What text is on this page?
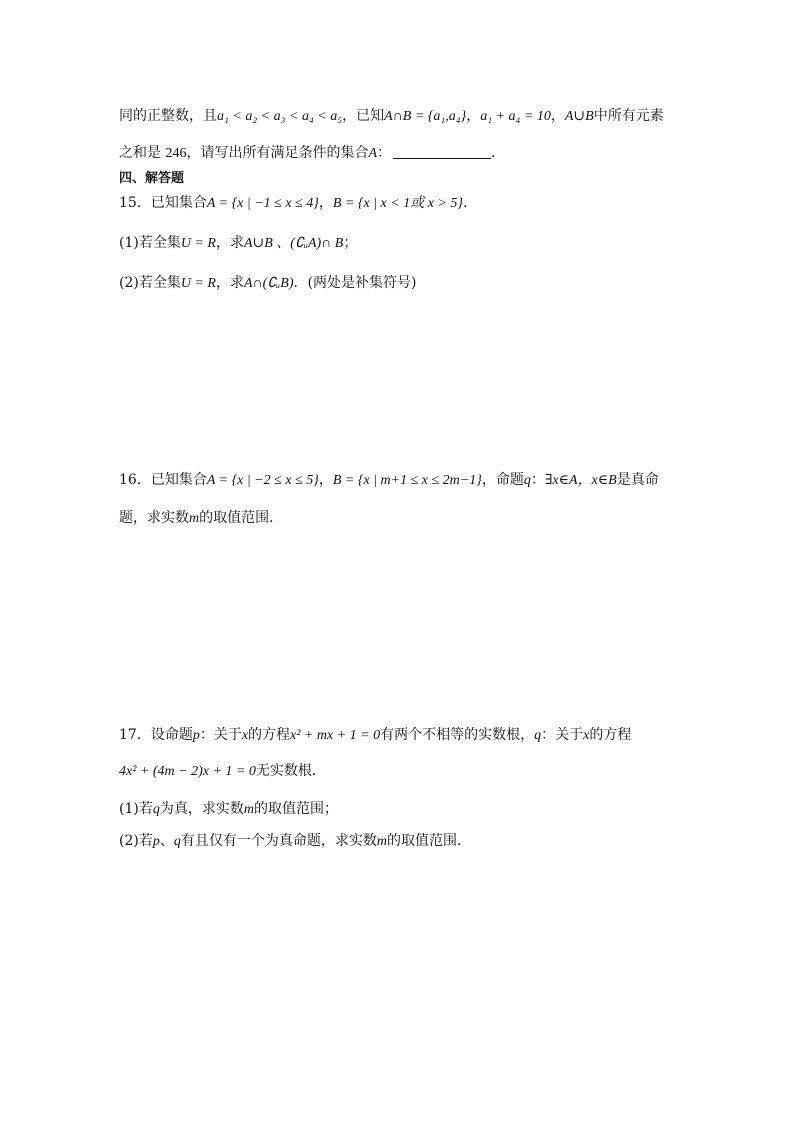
同的正整数，且a₁ < a₂ < a₃ < a₄ < a₅，已知A∩B = {a₁,a₄}，a₁ + a₄ = 10，A∪B中所有元素
之和是 246，请写出所有满足条件的集合A：	.
四、解答题
15．已知集合A = {x | −1 ≤ x ≤ 4}，B = {x | x < 1或 x > 5}.
(1)若全集U = R，求A∪B 、(∁ᵤA)∩ B；
(2)若全集U = R，求A∩(∁ᵤB)．(两处是补集符号)
16．已知集合A = {x | −2 ≤ x ≤ 5}，B = {x | m+1 ≤ x ≤ 2m−1}，命题q：∃x∈A，x∈B是真命
题，求实数m的取值范围．
17．设命题p：关于x的方程x² + mx + 1 = 0有两个不相等的实数根，q：关于x的方程
4x² + (4m − 2)x + 1 = 0无实数根．
(1)若q为真，求实数m的取值范围；
(2)若p、q有且仅有一个为真命题，求实数m的取值范围．
